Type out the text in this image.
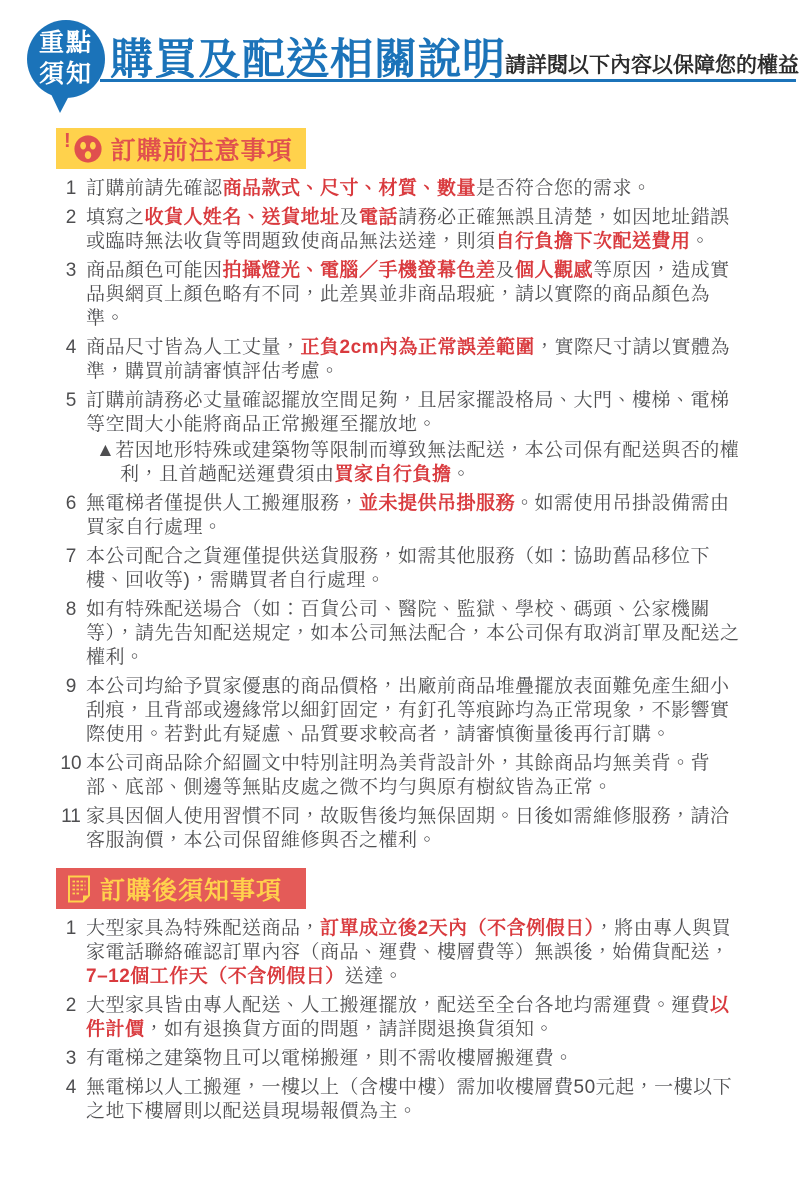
重點
須知 購買及配送相關說明 請詳閱以下內容以保障您的權益
! 訂購前注意事項
1 訂購前請先確認商品款式、尺寸、材質、數量是否符合您的需求。
2 填寫之收貨人姓名、送貨地址及電話請務必正確無誤且清楚，如因地址錯誤或臨時無法收貨等問題致使商品無法送達，則須自行負擔下次配送費用。
3 商品顏色可能因拍攝燈光、電腦／手機螢幕色差及個人觀感等原因，造成實品與網頁上顏色略有不同，此差異並非商品瑕疵，請以實際的商品顏色為準。
4 商品尺寸皆為人工丈量，正負2cm內為正常誤差範圍，實際尺寸請以實體為準，購買前請審慎評估考慮。
5 訂購前請務必丈量確認擺放空間足夠，且居家擺設格局、大門、樓梯、電梯等空間大小能將商品正常搬運至擺放地。
▲若因地形特殊或建築物等限制而導致無法配送，本公司保有配送與否的權利，且首趟配送運費須由買家自行負擔。
6 無電梯者僅提供人工搬運服務，並未提供吊掛服務。如需使用吊掛設備需由買家自行處理。
7 本公司配合之貨運僅提供送貨服務，如需其他服務（如：協助舊品移位下樓、回收等)，需購買者自行處理。
8 如有特殊配送場合（如：百貨公司、醫院、監獄、學校、碼頭、公家機關等），請先告知配送規定，如本公司無法配合，本公司保有取消訂單及配送之權利。
9 本公司均給予買家優惠的商品價格，出廠前商品堆疊擺放表面難免產生細小刮痕，且背部或邊緣常以細釘固定，有釘孔等痕跡均為正常現象，不影響實際使用。若對此有疑慮、品質要求較高者，請審慎衡量後再行訂購。
10 本公司商品除介紹圖文中特別註明為美背設計外，其餘商品均無美背。背部、底部、側邊等無貼皮處之微不均勻與原有樹紋皆為正常。
11 家具因個人使用習慣不同，故販售後均無保固期。日後如需維修服務，請洽客服詢價，本公司保留維修與否之權利。
訂購後須知事項
1 大型家具為特殊配送商品，訂單成立後2天內（不含例假日），將由專人與買家電話聯絡確認訂單內容（商品、運費、樓層費等）無誤後，始備貨配送，7–12個工作天（不含例假日）送達。
2 大型家具皆由專人配送、人工搬運擺放，配送至全台各地均需運費。運費以件計價，如有退換貨方面的問題，請詳閱退換貨須知。
3 有電梯之建築物且可以電梯搬運，則不需收樓層搬運費。
4 無電梯以人工搬運，一樓以上（含樓中樓）需加收樓層費50元起，一樓以下之地下樓層則以配送員現場報價為主。
